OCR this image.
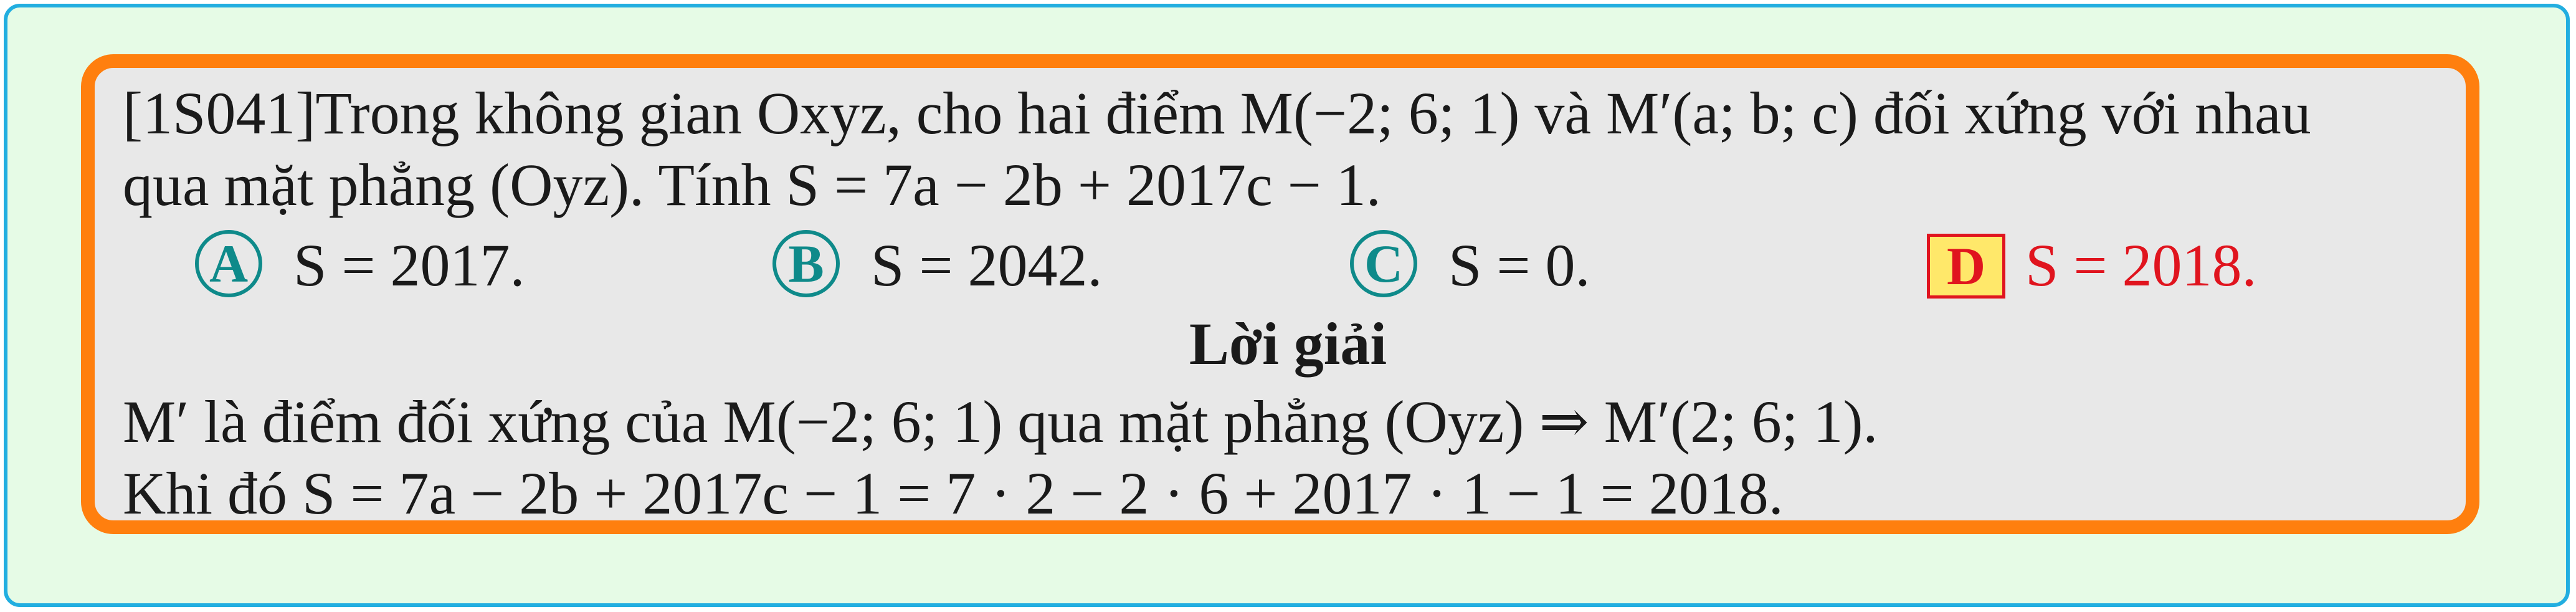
[1S041]Trong không gian Oxyz, cho hai điểm M(−2; 6; 1) và M′(a; b; c) đối xứng với nhau
qua mặt phẳng (Oyz). Tính S = 7a − 2b + 2017c − 1.
A S = 2017.	B S = 2042.	C S = 0.	D S = 2018.
Lời giải
M′ là điểm đối xứng của M(−2; 6; 1) qua mặt phẳng (Oyz) ⇒ M′(2; 6; 1).
Khi đó S = 7a − 2b + 2017c − 1 = 7 · 2 − 2 · 6 + 2017 · 1 − 1 = 2018.
